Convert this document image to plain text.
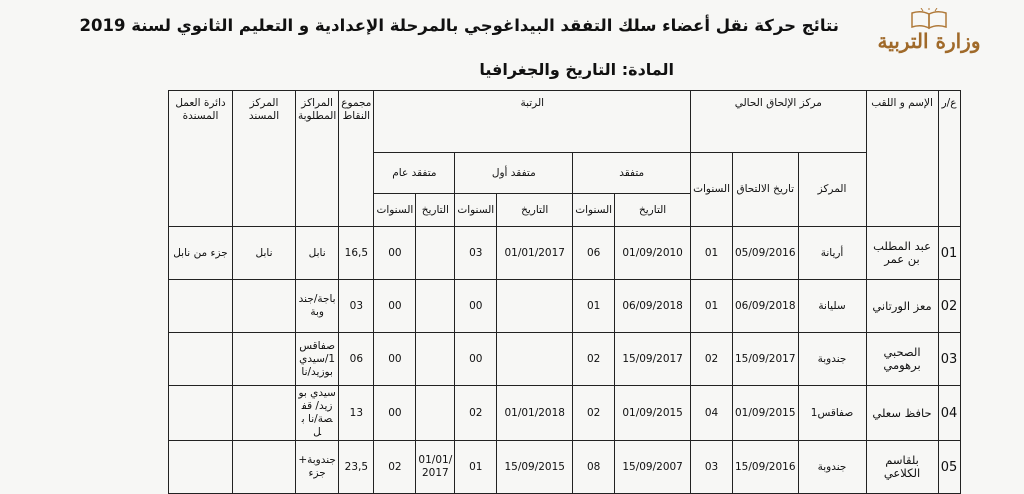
وزارة التربية
نتائج حركة نقل أعضاء سلك التفقد البيداغوجي بالمرحلة الإعدادية و التعليم الثانوي لسنة 2019
المادة: التاريخ والجغرافيا
ع/ر	الإسم و اللقب	مركز الإلحاق الحالي			الرتبة						مجموع النقاط	المراكز المطلوبة	المركز المسند	دائرة العمل المسندة
		المركز	تاريخ الالتحاق	السنوات	متفقد		متفقد أول		متفقد عام					
					التاريخ	السنوات	التاريخ	السنوات	التاريخ	السنوات				
01	عبد المطلب بن عمر	أريانة	05/09/2016	01	01/09/2010	06	01/01/2017	03		00	16,5	نابل	نابل	جزء من نابل
02	معز الورتاني	سليانة	06/09/2018	01	06/09/2018	01		00		00	03	باجة/جندوبة		
03	الصحبي برهومي	جندوبة	15/09/2017	02	15/09/2017	02		00		00	06	صفاقس 1/سيدي بوزيد/نا		
04	حافظ سعلي	صفاقس1	01/09/2015	04	01/09/2015	02	01/01/2018	02		00	13	سيدي بوزيد/ قفصة/نا بل		
05	بلقاسم الكلاعي	جندوبة	15/09/2016	03	15/09/2007	08	15/09/2015	01	/01/01 2017	02	23,5	جندوبة+ جزء		
